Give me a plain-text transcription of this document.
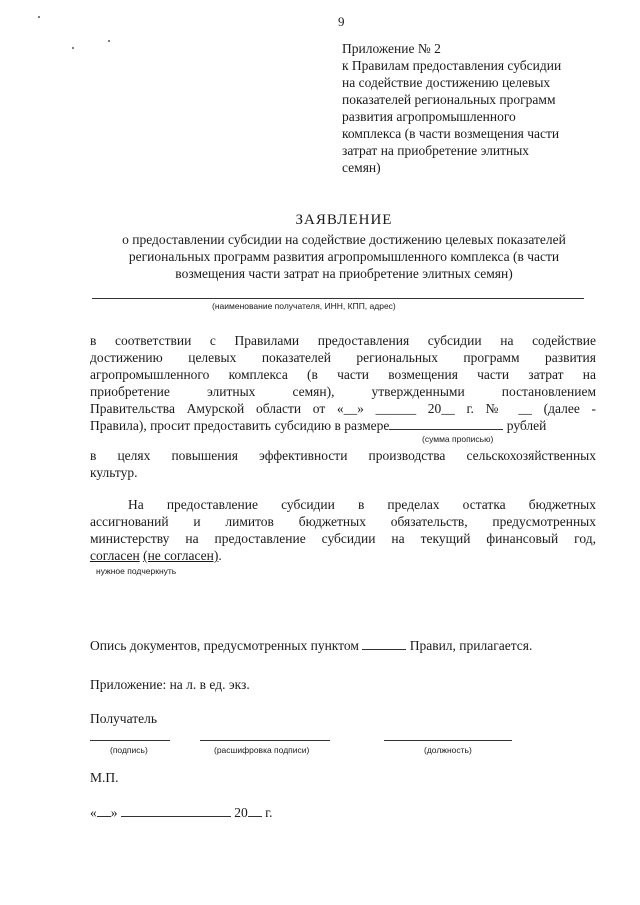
9
Приложение № 2
к Правилам предоставления субсидии
на содействие достижению целевых
показателей региональных программ
развития агропромышленного
комплекса (в части возмещения части
затрат на приобретение элитных
семян)
ЗАЯВЛЕНИЕ
о предоставлении субсидии на содействие достижению целевых показателей
региональных программ развития агропромышленного комплекса (в части
возмещения части затрат на приобретение элитных семян)
(наименование получателя, ИНН, КПП, адрес)
в соответствии с Правилами предоставления субсидии на содействие
достижению целевых показателей региональных программ развития
агропромышленного комплекса (в части возмещения части затрат на
приобретение элитных семян), утвержденными постановлением
Правительства Амурской области от «__» ______ 20__ г. № __ (далее -
Правила), просит предоставить субсидию в размере	рублей
(сумма прописью)
в целях повышения эффективности производства сельскохозяйственных
культур.
На предоставление субсидии в пределах остатка бюджетных
ассигнований и лимитов бюджетных обязательств, предусмотренных
министерству на предоставление субсидии на текущий финансовый год,
согласен (не согласен).
нужное подчеркнуть
Опись документов, предусмотренных пунктом	Правил, прилагается.
Приложение: на л. в ед. экз.
Получатель
(подпись)	(расшифровка подписи)	(должность)
М.П.
« »	20 г.
